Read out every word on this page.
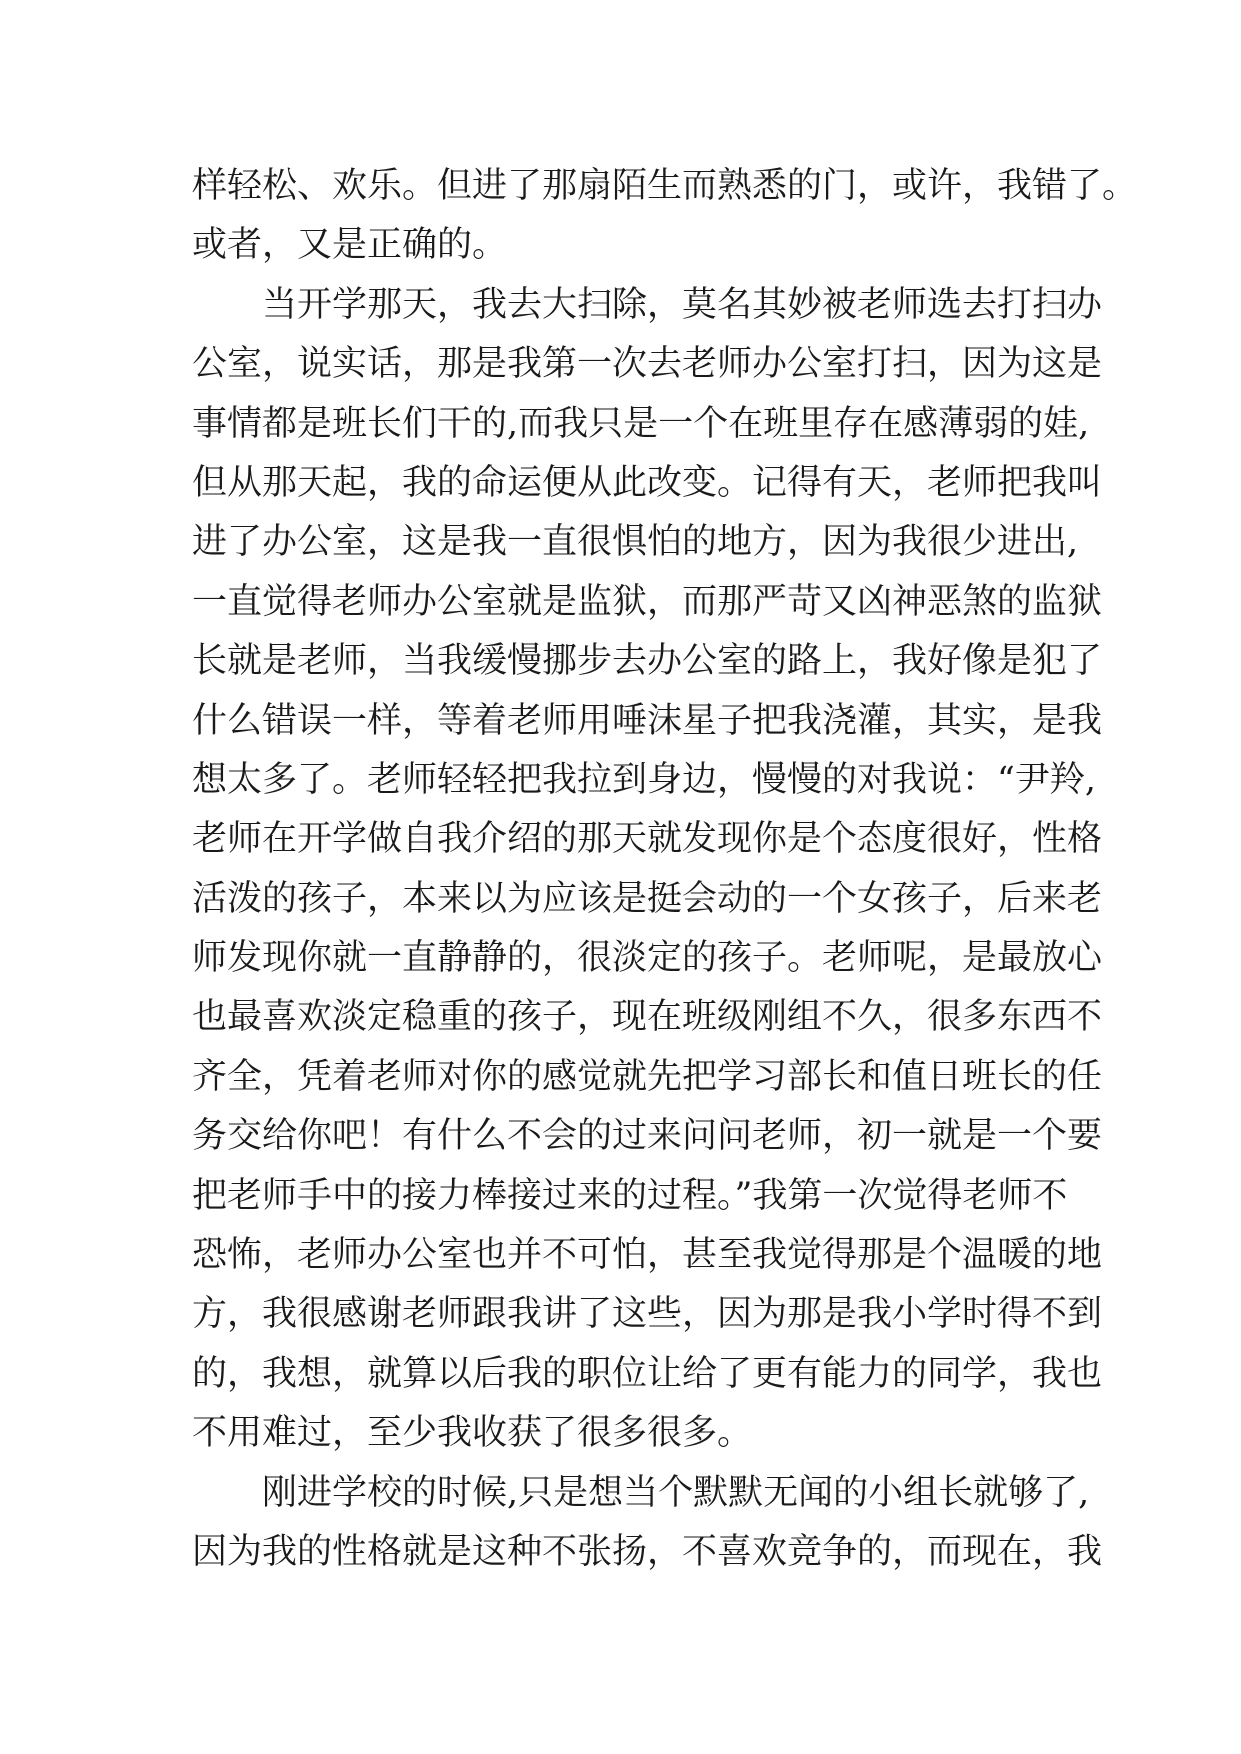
样轻松、欢乐。但进了那扇陌生而熟悉的门，或许，我错了。
或者，又是正确的。
当开学那天，我去大扫除，莫名其妙被老师选去打扫办
公室，说实话，那是我第一次去老师办公室打扫，因为这是
事情都是班长们干的,而我只是一个在班里存在感薄弱的娃,
但从那天起，我的命运便从此改变。记得有天，老师把我叫
进了办公室，这是我一直很惧怕的地方，因为我很少进出,
一直觉得老师办公室就是监狱，而那严苛又凶神恶煞的监狱
长就是老师，当我缓慢挪步去办公室的路上，我好像是犯了
什么错误一样，等着老师用唾沫星子把我浇灌，其实，是我
想太多了。老师轻轻把我拉到身边，慢慢的对我说：“尹羚,
老师在开学做自我介绍的那天就发现你是个态度很好，性格
活泼的孩子，本来以为应该是挺会动的一个女孩子，后来老
师发现你就一直静静的，很淡定的孩子。老师呢，是最放心
也最喜欢淡定稳重的孩子，现在班级刚组不久，很多东西不
齐全，凭着老师对你的感觉就先把学习部长和值日班长的任
务交给你吧！有什么不会的过来问问老师，初一就是一个要
把老师手中的接力棒接过来的过程。”我第一次觉得老师不
恐怖，老师办公室也并不可怕，甚至我觉得那是个温暖的地
方，我很感谢老师跟我讲了这些，因为那是我小学时得不到
的，我想，就算以后我的职位让给了更有能力的同学，我也
不用难过，至少我收获了很多很多。
刚进学校的时候,只是想当个默默无闻的小组长就够了,
因为我的性格就是这种不张扬，不喜欢竞争的，而现在，我
